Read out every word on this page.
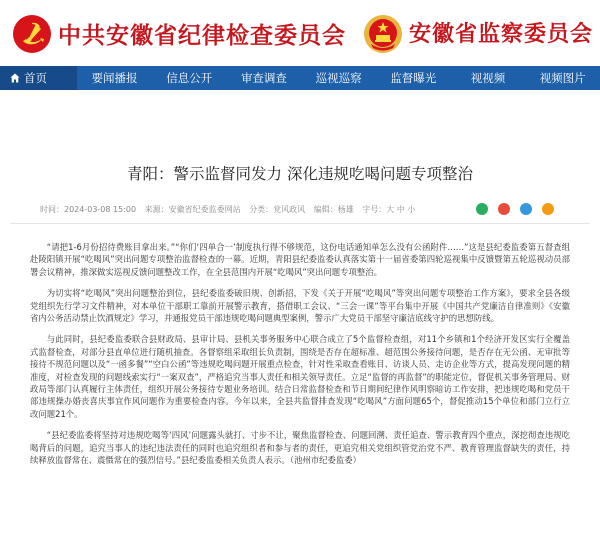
中共安徽省纪律检查委员会	安徽省监察委员会
首页	要闻播报	信息公开	审查调查	巡视巡察	监督曝光	视视频	视频图片
青阳：警示监督同发力 深化违规吃喝问题专项整治
时间：2024-03-08 15:00 来源：安徽省纪委监委网站 分类：党风政风 编辑：杨雄 字号：大 中 小

“请把1-6月份招待费账目拿出来。”“你们‘四单合一’制度执行得不够规范，这份电话通知单怎么没有公函附件……”这是县纪委监委第五督查组赴陵阳镇开展“吃喝风”突出问题专项整治监督检查的一幕。近期，青阳县纪委监委认真落实第十一届省委第四轮巡视集中反馈暨第五轮巡视动员部署会议精神，推深做实巡视反馈问题整改工作，在全县范围内开展“吃喝风”突出问题专项整治。

为切实将“吃喝风”突出问题整治到位，县纪委监委破旧规、创新招，下发《关于开展“吃喝风”等突出问题专项整治工作方案》，要求全县各级党组织先行学习文件精神，对本单位干部职工靠前开展警示教育，搭借职工会议、“三会一课”等平台集中开展《中国共产党廉洁自律准则》《安徽省内公务活动禁止饮酒规定》学习，并通报党员干部违规吃喝问题典型案例，警示广大党员干部坚守廉洁底线守护的思想防线。

与此同时，县纪委监委联合县财政局、县审计局、县机关事务服务中心联合成立了5个监督检查组，对11个乡镇和1个经济开发区实行全覆盖式监督检查，对部分县直单位进行随机抽查。各督察组采取组长负责制，围绕是否存在超标准、超范围公务接待问题，是否存在无公函、无审批等接待不规范问题以及“一函多餐”“空白公函”等违规吃喝问题开展重点检查，针对性采取查看账目、访谈人员、走访企业等方式，提高发现问题的精准度，对检查发现的问题线索实行“一案双查”，严格追究当事人责任和相关领导责任。立足“监督的再监督”的职能定位，督促机关事务管理局、财政局等部门认真履行主体责任，组织开展公务接待专题业务培训。结合日常监督检查和节日期间纪律作风明察暗访工作安排，把违规吃喝和党员干部违规操办婚丧喜庆事宜作风问题作为重要检查内容。今年以来，全县共监督排查发现“吃喝风”方面问题65个，督促推动15个单位和部门立行立改问题21个。

“县纪委监委将坚持对违规吃喝等‘四风’问题露头就打、寸步不让，聚焦监督检查、问题回溯、责任追查、警示教育四个重点，深挖彻查违规吃喝背后的问题，追究当事人的违纪违法责任的同时也追究组织者和参与者的责任，更追究相关党组织管党治党不严、教育管理监督缺失的责任，持续释放监督常在、震慑常在的强烈信号。”县纪委监委相关负责人表示。（池州市纪委监委）
